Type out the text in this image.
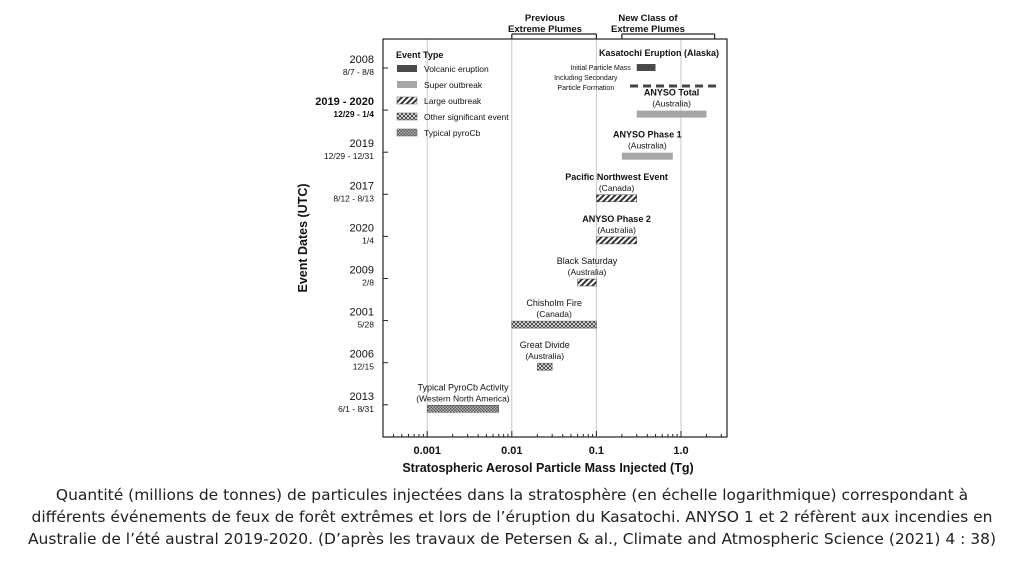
Previous
Extreme Plumes
New Class of
Extreme Plumes
Event Type
Volcanic eruption
Super outbreak
Large outbreak
Other significant event
Typical pyroCb
2008
8/7 - 8/8
2019 - 2020
12/29 - 1/4
2019
12/29 - 12/31
2017
8/12 - 8/13
2020
1/4
2009
2/8
2001
5/28
2006
12/15
2013
6/1 - 8/31
Initial Particle Mass
Kasatochi Eruption (Alaska)
Including Secondary
Particle Formation	ANYSO Total
(Australia)
ANYSO Phase 1
(Australia)
Pacific Northwest Event
(Canada)
ANYSO Phase 2
(Australia)
Black Saturday
(Australia)
Chisholm Fire
(Canada)
Great Divide
(Australia)
Typical PyroCb Activity
(Western North America)
0.001	0.01	0.1	1.0
Stratospheric Aerosol Particle Mass Injected (Tg)
Event Dates (UTC)

Quantité (millions de tonnes) de particules injectées dans la stratosphère (en échelle logarithmique) correspondant à différents événements de feux de forêt extrêmes et lors de l’éruption du Kasatochi. ANYSO 1 et 2 réfèrent aux incendies en Australie de l’été austral 2019-2020. (D’après les travaux de Petersen & al., Climate and Atmospheric Science (2021) 4 : 38)
